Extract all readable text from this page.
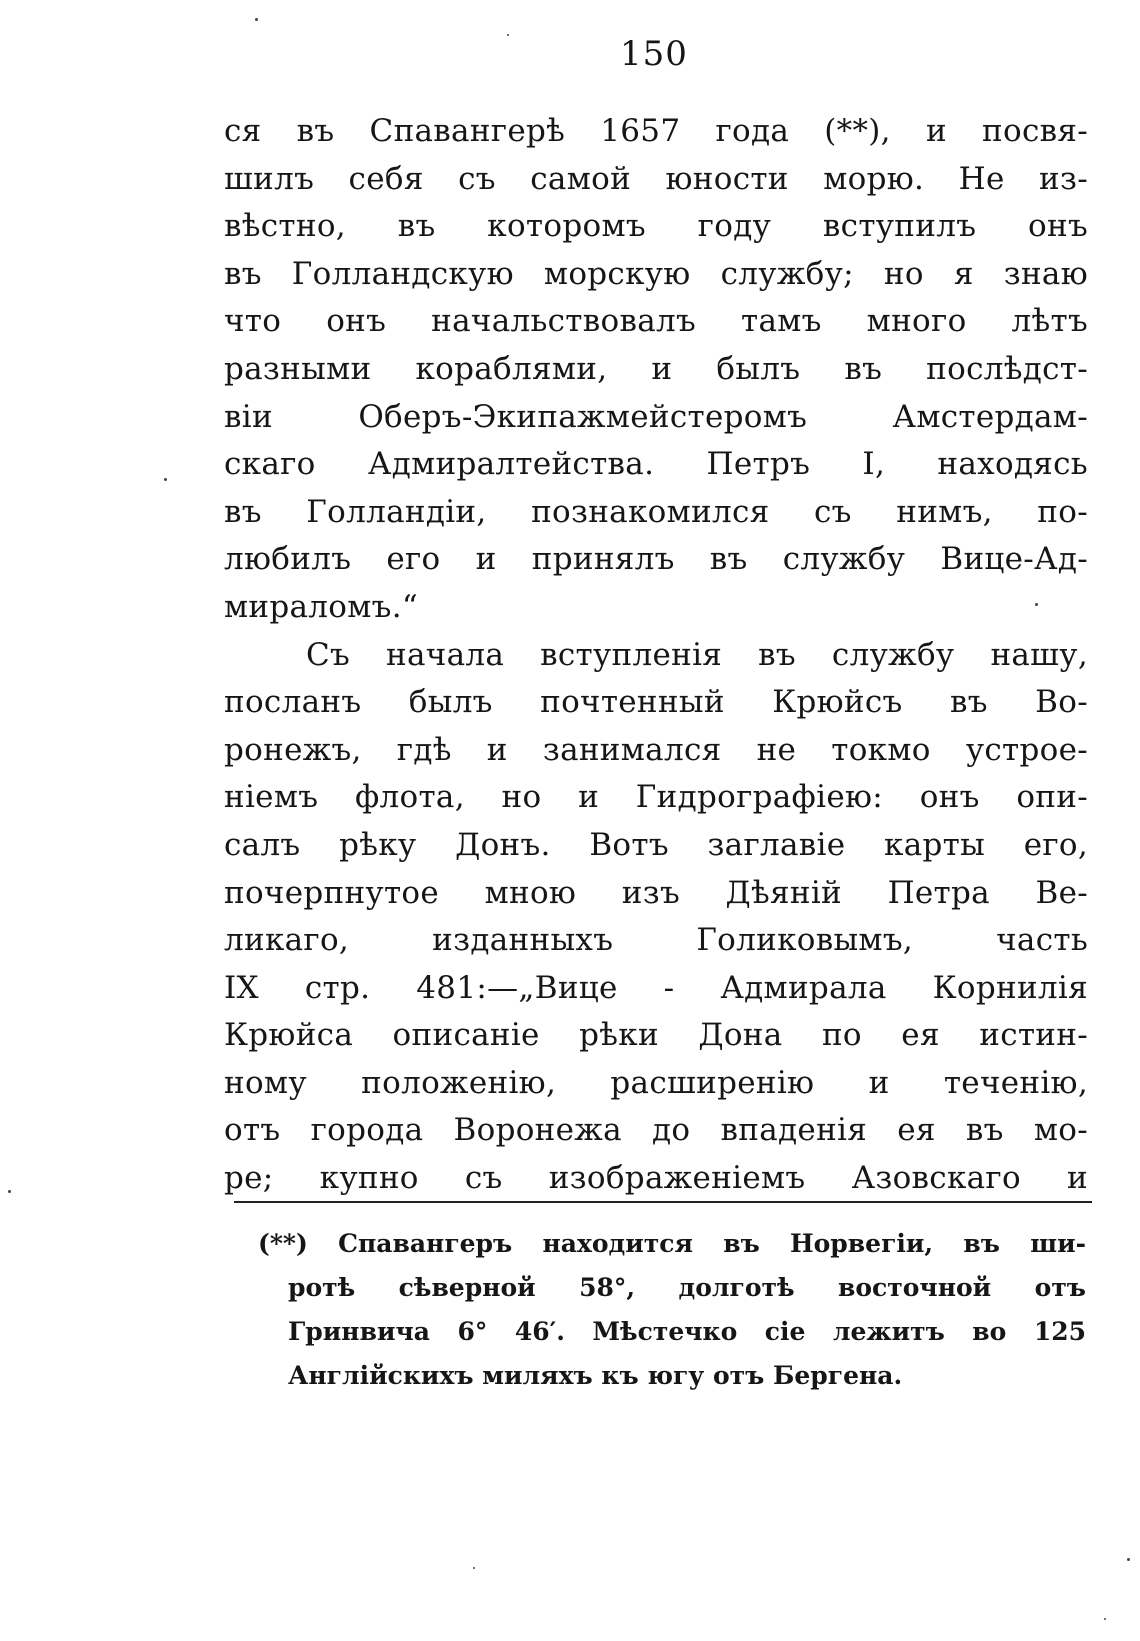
150
ся въ Спавангерѣ 1657 года (**), и посвя-
шилъ себя съ самой юности морю. Не из-
вѣстно, въ которомъ году вступилъ онъ
въ Голландскую морскую службу; но я знаю
что онъ начальствовалъ тамъ много лѣтъ
разными кораблями, и былъ въ послѣдст-
віи Оберъ-Экипажмейстеромъ Амстердам-
скаго Адмиралтейства. Петръ I, находясь
въ Голландіи, познакомился съ нимъ, по-
любилъ его и принялъ въ службу Вице-Ад-
мираломъ.“
Съ начала вступленія въ службу нашу,
посланъ былъ почтенный Крюйсъ въ Во-
ронежъ, гдѣ и занимался не токмо устрое-
ніемъ флота, но и Гидрографіею: онъ опи-
салъ рѣку Донъ. Вотъ заглавіе карты его,
почерпнутое мною изъ Дѣяній Петра Ве-
ликаго, изданныхъ Голиковымъ, часть
IX стр. 481:—„Вице - Адмирала Корнилія
Крюйса описаніе рѣки Дона по ея истин-
ному положенію, расширенію и теченію,
отъ города Воронежа до впаденія ея въ мо-
ре; купно съ изображеніемъ Азовскаго и
(**) Спавангеръ находится въ Норвегіи, въ ши-
ротѣ сѣверной 58°, долготѣ восточной отъ
Гринвича 6° 46′. Мѣстечко сіе лежитъ во 125
Англійскихъ миляхъ къ югу отъ Бергена.
